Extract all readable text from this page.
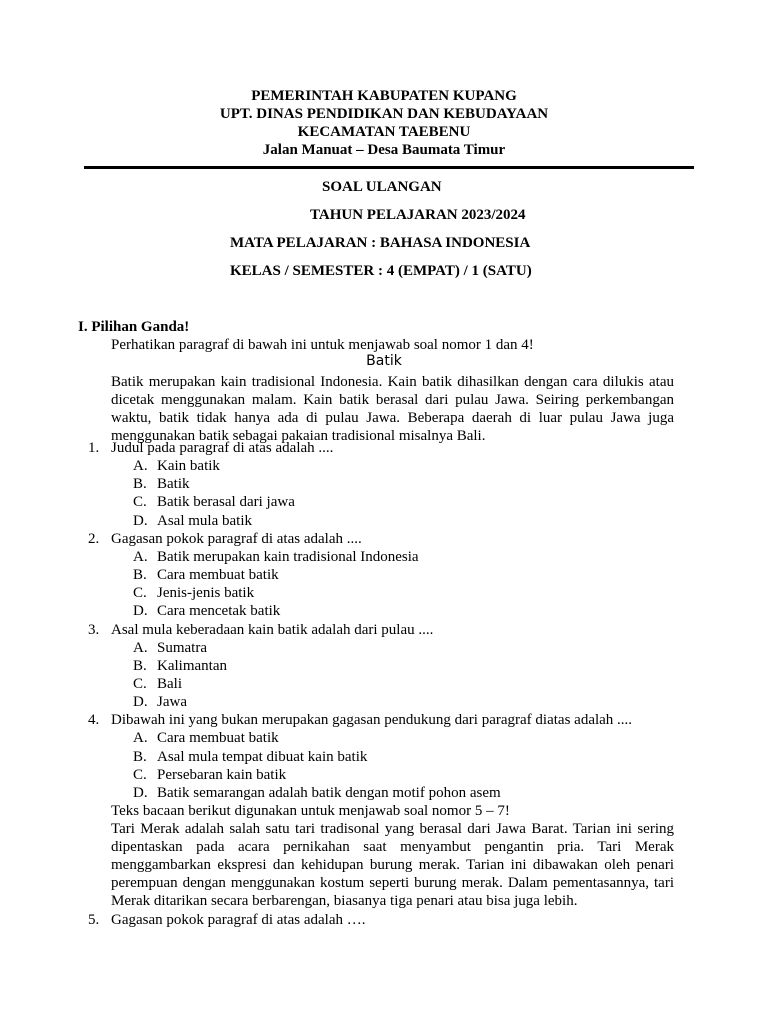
PEMERINTAH KABUPATEN KUPANG
UPT. DINAS PENDIDIKAN DAN KEBUDAYAAN
KECAMATAN TAEBENU
Jalan Manuat – Desa Baumata Timur
SOAL ULANGAN
TAHUN PELAJARAN 2023/2024
MATA PELAJARAN : BAHASA INDONESIA
KELAS / SEMESTER : 4 (EMPAT) / 1 (SATU)
I. Pilihan Ganda!
Perhatikan paragraf di bawah ini untuk menjawab soal nomor 1 dan 4!
Batik
Batik merupakan kain tradisional Indonesia. Kain batik dihasilkan dengan cara dilukis atau dicetak menggunakan malam. Kain batik berasal dari pulau Jawa. Seiring perkembangan waktu, batik tidak hanya ada di pulau Jawa. Beberapa daerah di luar pulau Jawa juga menggunakan batik sebagai pakaian tradisional misalnya Bali.
1. Judul pada paragraf di atas adalah ....
A. Kain batik
B. Batik
C. Batik berasal dari jawa
D. Asal mula batik
2. Gagasan pokok paragraf di atas adalah ....
A. Batik merupakan kain tradisional Indonesia
B. Cara membuat batik
C. Jenis-jenis batik
D. Cara mencetak batik
3. Asal mula keberadaan kain batik adalah dari pulau ....
A. Sumatra
B. Kalimantan
C. Bali
D. Jawa
4. Dibawah ini yang bukan merupakan gagasan pendukung dari paragraf diatas adalah ....
A. Cara membuat batik
B. Asal mula tempat dibuat kain batik
C. Persebaran kain batik
D. Batik semarangan adalah batik dengan motif pohon asem
Teks bacaan berikut digunakan untuk menjawab soal nomor 5 – 7!
Tari Merak adalah salah satu tari tradisonal yang berasal dari Jawa Barat. Tarian ini sering dipentaskan pada acara pernikahan saat menyambut pengantin pria. Tari Merak menggambarkan ekspresi dan kehidupan burung merak. Tarian ini dibawakan oleh penari perempuan dengan menggunakan kostum seperti burung merak. Dalam pementasannya, tari Merak ditarikan secara berbarengan, biasanya tiga penari atau bisa juga lebih.
5. Gagasan pokok paragraf di atas adalah ….
